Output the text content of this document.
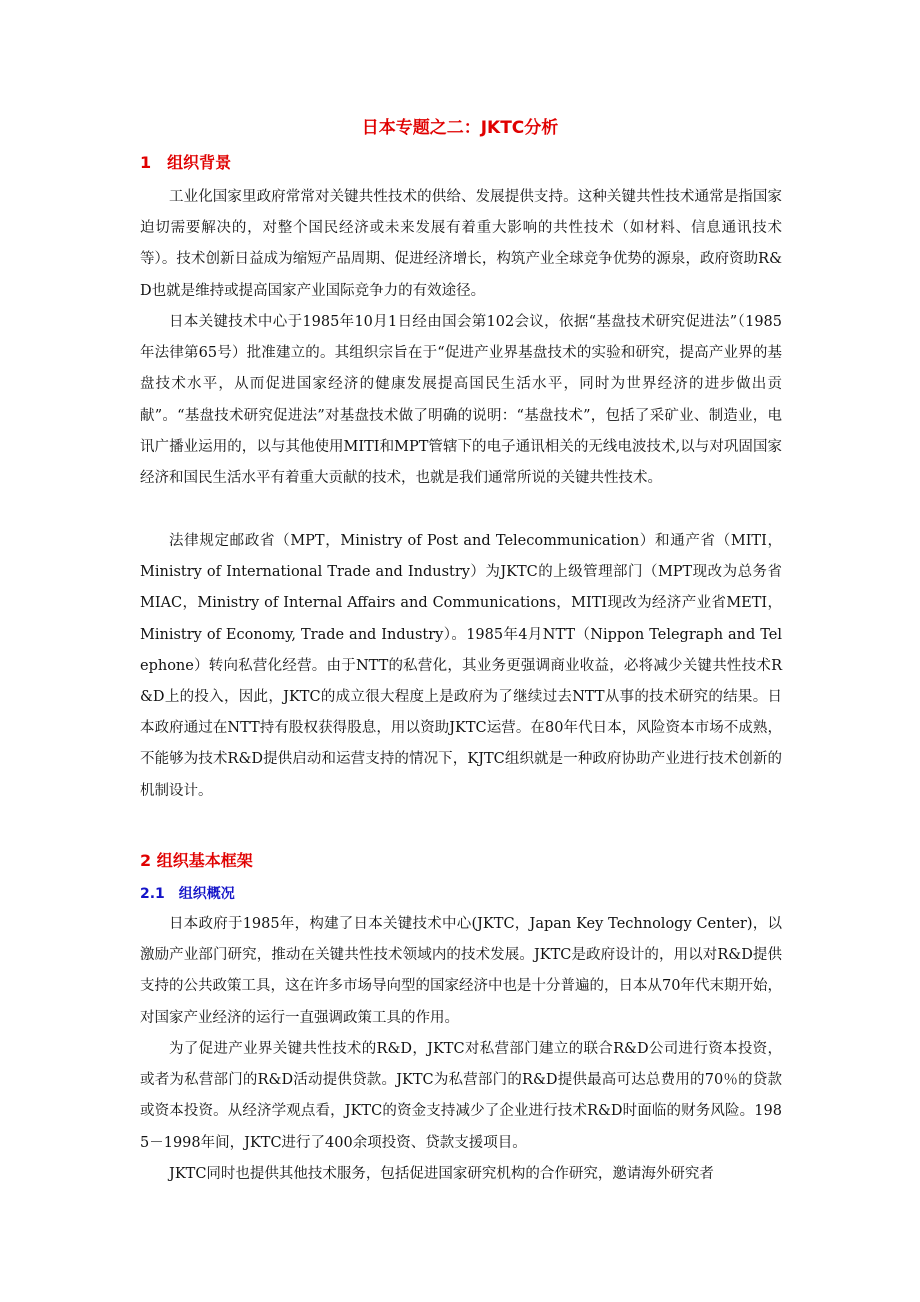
日本专题之二：JKTC分析
1　组织背景

工业化国家里政府常常对关键共性技术的供给、发展提供支持。这种关键共性技术通常是指国家迫切需要解决的，对整个国民经济或未来发展有着重大影响的共性技术（如材料、信息通讯技术等）。技术创新日益成为缩短产品周期、促进经济增长，构筑产业全球竞争优势的源泉，政府资助R&D也就是维持或提高国家产业国际竞争力的有效途径。

日本关键技术中心于1985年10月1日经由国会第102会议，依据“基盘技术研究促进法”（1985年法律第65号）批准建立的。其组织宗旨在于“促进产业界基盘技术的实验和研究，提高产业界的基盘技术水平，从而促进国家经济的健康发展提高国民生活水平，同时为世界经济的进步做出贡献”。“基盘技术研究促进法”对基盘技术做了明确的说明：“基盘技术”，包括了采矿业、制造业，电讯广播业运用的，以与其他使用MITI和MPT管辖下的电子通讯相关的无线电波技术,以与对巩固国家经济和国民生活水平有着重大贡献的技术，也就是我们通常所说的关键共性技术。

法律规定邮政省（MPT，Ministry of Post and Telecommunication）和通产省（MITI，Ministry of International Trade and Industry）为JKTC的上级管理部门（MPT现改为总务省MIAC，Ministry of Internal Affairs and Communications，MITI现改为经济产业省METI，Ministry of Economy, Trade and Industry）。1985年4月NTT（Nippon Telegraph and Telephone）转向私营化经营。由于NTT的私营化，其业务更强调商业收益，必将减少关键共性技术R&D上的投入，因此，JKTC的成立很大程度上是政府为了继续过去NTT从事的技术研究的结果。日本政府通过在NTT持有股权获得股息，用以资助JKTC运营。在80年代日本，风险资本市场不成熟，不能够为技术R&D提供启动和运营支持的情况下，KJTC组织就是一种政府协助产业进行技术创新的机制设计。

2 组织基本框架
2.1　组织概况

日本政府于1985年，构建了日本关键技术中心(JKTC，Japan Key Technology Center)，以激励产业部门研究，推动在关键共性技术领域内的技术发展。JKTC是政府设计的，用以对R&D提供支持的公共政策工具，这在许多市场导向型的国家经济中也是十分普遍的，日本从70年代末期开始，对国家产业经济的运行一直强调政策工具的作用。

为了促进产业界关键共性技术的R&D，JKTC对私营部门建立的联合R&D公司进行资本投资，或者为私营部门的R&D活动提供贷款。JKTC为私营部门的R&D提供最高可达总费用的70％的贷款或资本投资。从经济学观点看，JKTC的资金支持减少了企业进行技术R&D时面临的财务风险。1985－1998年间，JKTC进行了400余项投资、贷款支援项目。

JKTC同时也提供其他技术服务，包括促进国家研究机构的合作研究，邀请海外研究者
